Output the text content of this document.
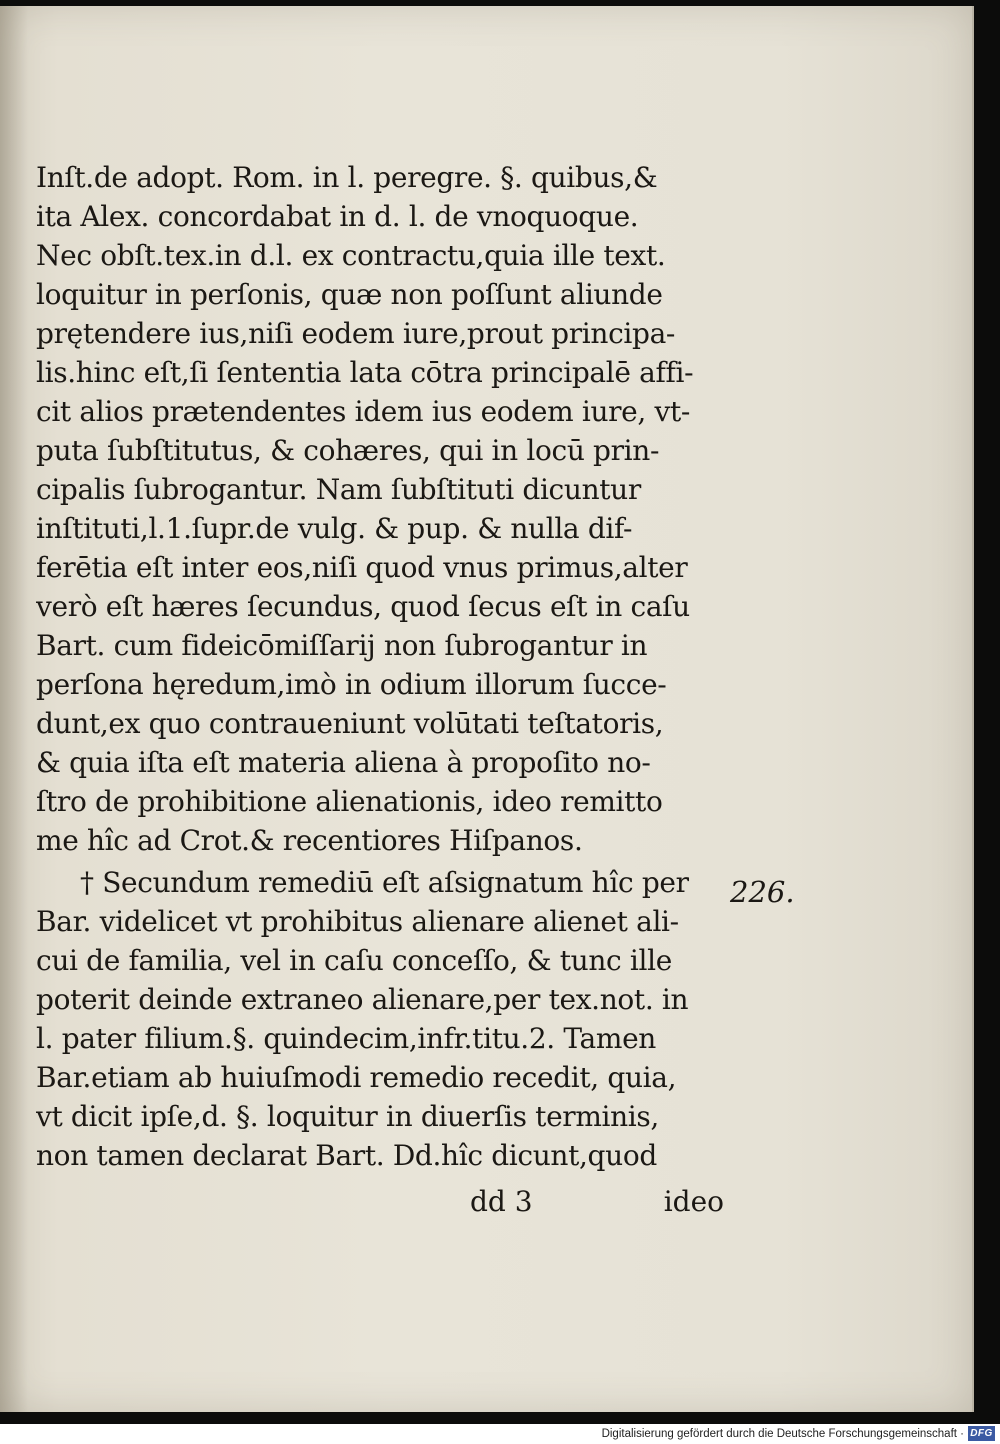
Inſt.de adopt. Rom. in l. peregre. §. quibus,&
ita Alex. concordabat in d. l. de vnoquoque.
Nec obſt.tex.in d.l. ex contractu,quia ille text.
loquitur in perſonis, quæ non poſſunt aliunde
prętendere ius,niſi eodem iure,prout principa-
lis.hinc eſt,ſi ſententia lata cōtra principalē affi-
cit alios prætendentes idem ius eodem iure, vt-
puta ſubſtitutus, & cohæres, qui in locū prin-
cipalis ſubrogantur. Nam ſubſtituti dicuntur
inſtituti,l.1.ſupr.de vulg. & pup. & nulla dif-
ferētia eſt inter eos,niſi quod vnus primus,alter
verò eſt hæres ſecundus, quod ſecus eſt in caſu
Bart. cum fideicōmiſſarij non ſubrogantur in
perſona hęredum,imò in odium illorum ſucce-
dunt,ex quo contraueniunt volūtati teſtatoris,
& quia iſta eſt materia aliena à propoſito no-
ſtro de prohibitione alienationis, ideo remitto
me hîc ad Crot.& recentiores Hiſpanos.
† Secundum remediū eſt aſsignatum hîc per
Bar. videlicet vt prohibitus alienare alienet ali-
cui de familia, vel in caſu conceſſo, & tunc ille
poterit deinde extraneo alienare,per tex.not. in
l. pater filium.§. quindecim,infr.titu.2. Tamen
Bar.etiam ab huiuſmodi remedio recedit, quia,
vt dicit ipſe,d. §. loquitur in diuerſis terminis,
non tamen declarat Bart. Dd.hîc dicunt,quod
226.
dd 3	ideo
Digitalisierung gefördert durch die Deutsche Forschungsgemeinschaft · DFG
